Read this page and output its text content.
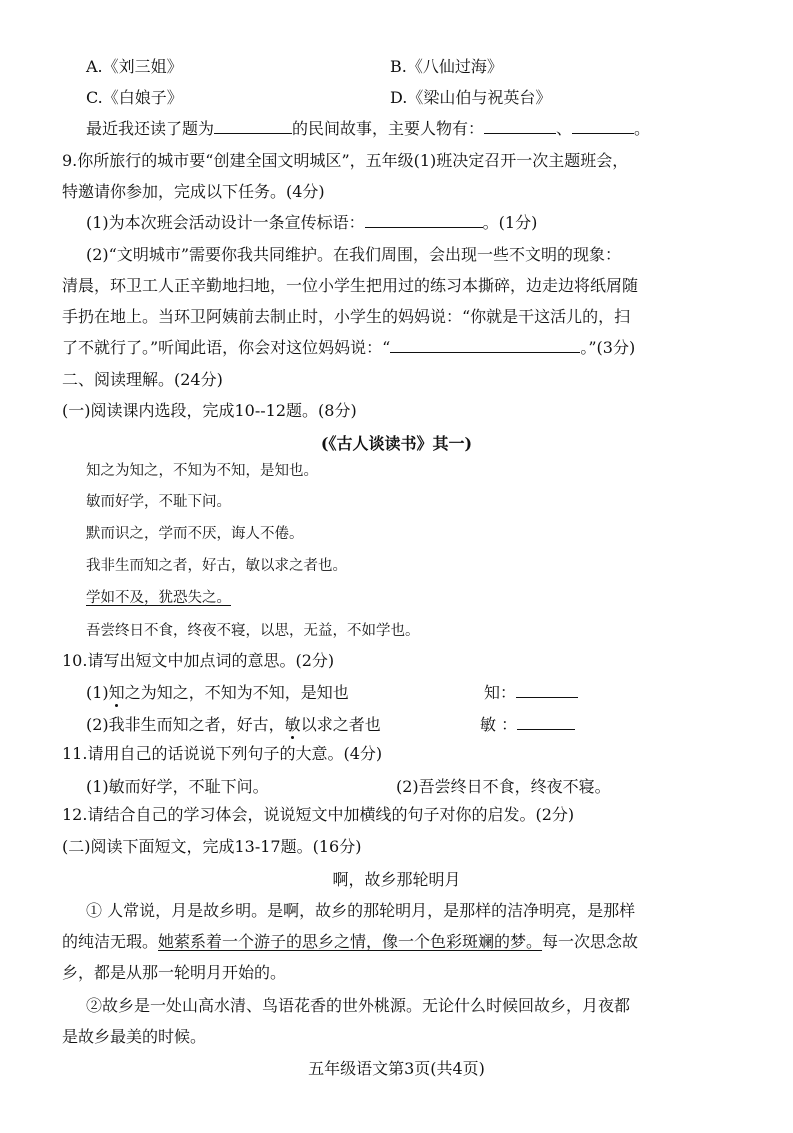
A.《刘三姐》	B.《八仙过海》
C.《白娘子》	D.《梁山伯与祝英台》
最近我还读了题为	的民间故事，主要人物有：	、	。
9.你所旅行的城市要“创建全国文明城区”，五年级(1)班决定召开一次主题班会，
特邀请你参加，完成以下任务。(4分)
(1)为本次班会活动设计一条宣传标语：	。(1分)
(2)“文明城市”需要你我共同维护。在我们周围，会出现一些不文明的现象：
清晨，环卫工人正辛勤地扫地，一位小学生把用过的练习本撕碎，边走边将纸屑随
手扔在地上。当环卫阿姨前去制止时，小学生的妈妈说：“你就是干这活儿的，扫
了不就行了。”听闻此语，你会对这位妈妈说：“	。”(3分)
二、阅读理解。(24分)
(一)阅读课内选段，完成10--12题。(8分)
(《古人谈读书》其一)
知之为知之，不知为不知，是知也。
敏而好学，不耻下问。
默而识之，学而不厌，诲人不倦。
我非生而知之者，好古，敏以求之者也。
学如不及，犹恐失之。
吾尝终日不食，终夜不寝，以思，无益，不如学也。
10.请写出短文中加点词的意思。(2分)
(1)知之为知之，不知为不知，是知也	知：
(2)我非生而知之者，好古，敏以求之者也	敏 ：
11.请用自己的话说说下列句子的大意。(4分)
(1)敏而好学，不耻下问。	(2)吾尝终日不食，终夜不寝。
12.请结合自己的学习体会，说说短文中加横线的句子对你的启发。(2分)
(二)阅读下面短文，完成13-17题。(16分)
啊，故乡那轮明月
① 人常说，月是故乡明。是啊，故乡的那轮明月，是那样的洁净明亮，是那样
的纯洁无瑕。她萦系着一个游子的思乡之情，像一个色彩斑斓的梦。每一次思念故
乡，都是从那一轮明月开始的。
②故乡是一处山高水清、鸟语花香的世外桃源。无论什么时候回故乡，月夜都
是故乡最美的时候。
五年级语文第3页(共4页)
